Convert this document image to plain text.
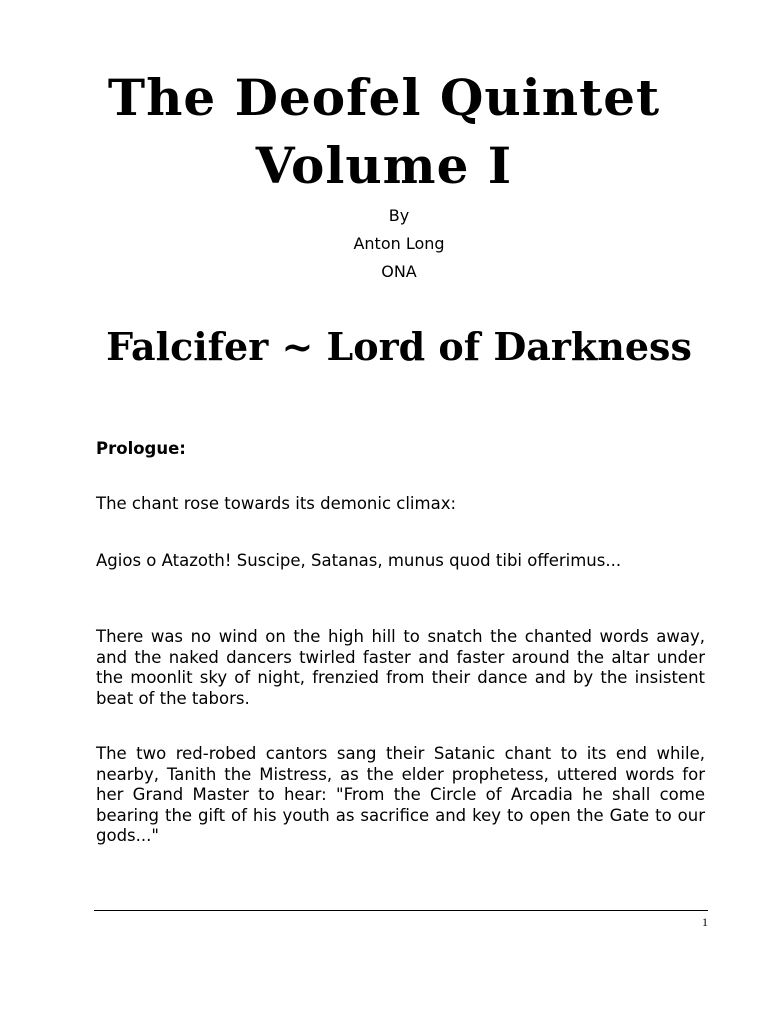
The Deofel Quintet
Volume I
By
Anton Long
ONA
Falcifer ~ Lord of Darkness

Prologue:

The chant rose towards its demonic climax:

Agios o Atazoth! Suscipe, Satanas, munus quod tibi offerimus...

There was no wind on the high hill to snatch the chanted words away, and the naked dancers twirled faster and faster around the altar under the moonlit sky of night, frenzied from their dance and by the insistent beat of the tabors.

The two red-robed cantors sang their Satanic chant to its end while, nearby, Tanith the Mistress, as the elder prophetess, uttered words for her Grand Master to hear: "From the Circle of Arcadia he shall come bearing the gift of his youth as sacrifice and key to open the Gate to our gods..."

1
